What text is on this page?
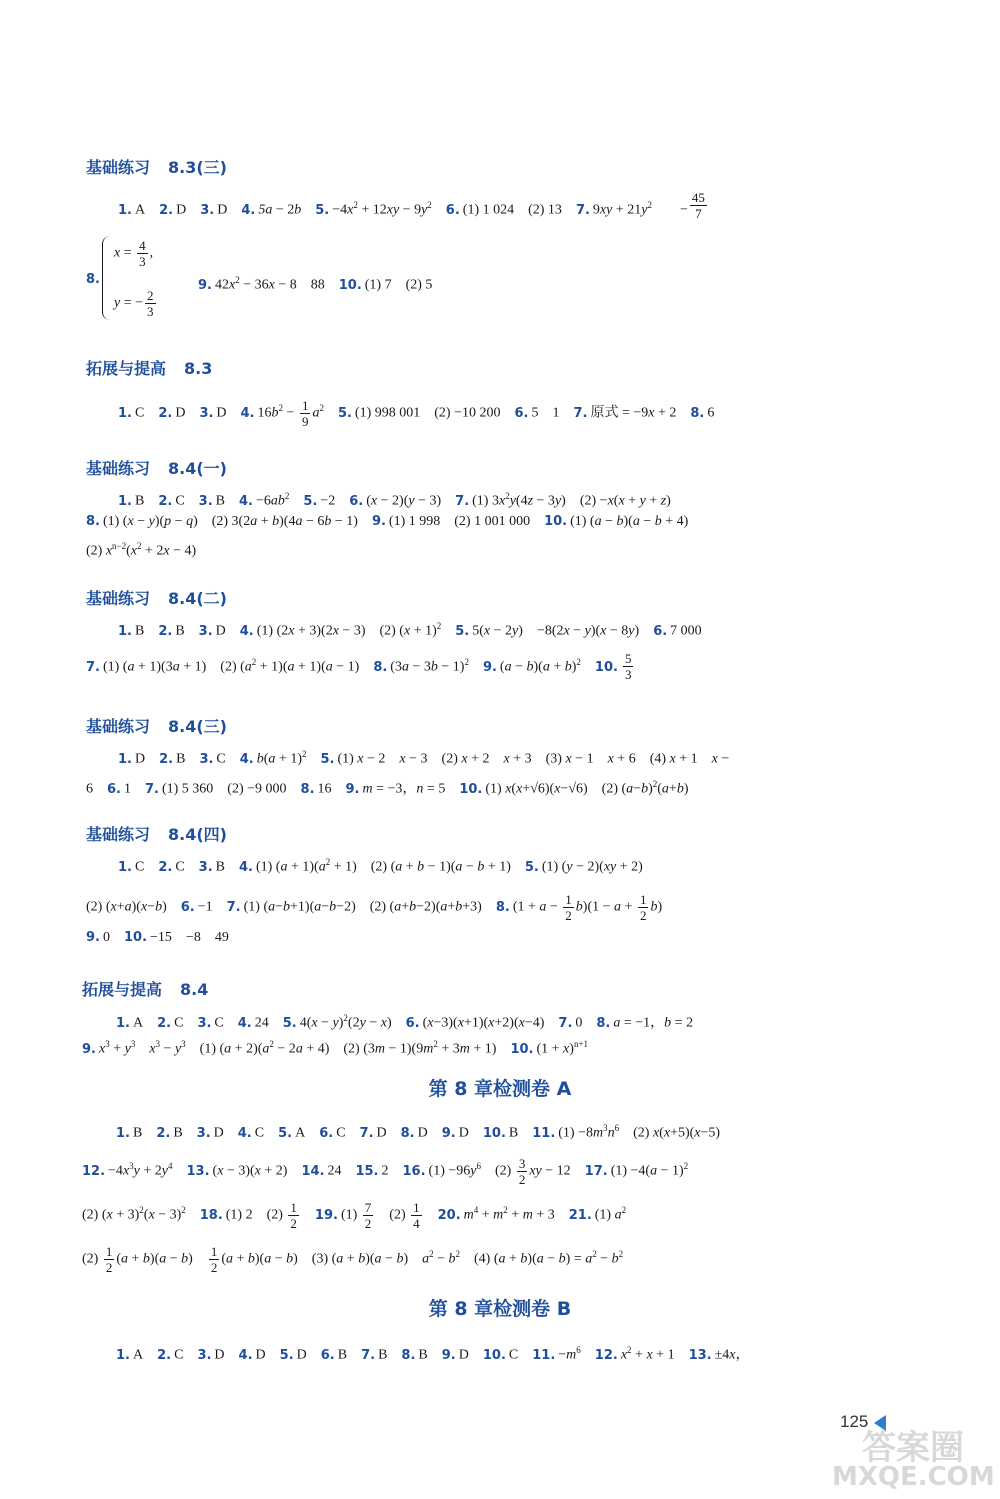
基础练习 8.3(三)
1. A 2. D 3. D 4. 5a − 2b 5. $-4x^2 + 12xy - 9y^2$ 6. (1) 1 024 (2) 13 7. $9xy + 21y^2 - \frac{45}{7}$
8.
$x = \frac{4}{3}$ ,
y = − $\frac{2}{3}$
9. $42x^2 - 36x - 8$ 88 10. (1) 7 (2) 5
拓展与提高 8.3
1. C 2. D 3. D 4. $16b^2 - \frac{1}{9} a^2$ 5. (1) 998 001 (2) −10 200 6. 5 1 7. 原式 = −9x + 2 8. 6
基础练习 8.4(一)
1. B 2. C 3. B 4. $-6ab^2$ 5. −2 6. (x − 2)(y − 3) 7. (1) $3x^2y(4z - 3y)$ (2) −x(x + y + z)
8. (1) (x − y)(p − q) (2) 3(2a + b)(4a − 6b − 1) 9. (1) 1 998 (2) 1 001 000 10. (1) (a − b)(a − b + 4)
(2) $x^{n-2}(x^2 + 2x - 4)$
基础练习 8.4(二)
1. B 2. B 3. D 4. (1) (2x + 3)(2x − 3) (2) $(x + 1)^2$ 5. 5(x − 2y) −8(2x − y)(x − 8y) 6. 7 000
7. (1) (a + 1)(3a + 1) (2) $(a^2 + 1)(a + 1)(a - 1)$ 8. $(3a - 3b - 1)^2$ 9. $(a - b)(a + b)^2$ 10. $\frac{5}{3}$
基础练习 8.4(三)
1. D 2. B 3. C 4. $b(a + 1)^2$ 5. (1) x − 2 x − 3 (2) x + 2 x + 3 (3) x − 1 x + 6 (4) x + 1 x −
6 6. 1 7. (1) 5 360 (2) −9 000 8. 16 9. m = −3，n = 5 10. (1) x(x+√6)(x−√6) (2) $(a-b)^2(a+b)$
基础练习 8.4(四)
1. C 2. C 3. B 4. (1) $(a + 1)(a^2 + 1)$ (2) (a + b − 1)(a − b + 1) 5. (1) (y − 2)(xy + 2)
(2) (x+a)(x−b) 6. −1 7. (1) (a−b+1)(a−b−2) (2) (a+b−2)(a+b+3) 8. $(1 + a - \frac{1}{2} b)(1 - a + \frac{1}{2} b)$
9. 0 10. −15 −8 49
拓展与提高 8.4
1. A 2. C 3. C 4. 24 5. $4(x - y)^2(2y - x)$ 6. (x−3)(x+1)(x+2)(x−4) 7. 0 8. a = −1，b = 2
9. $x^3 + y^3$ $x^3 - y^3$ (1) $(a + 2)(a^2 - 2a + 4)$ (2) $(3m - 1)(9m^2 + 3m + 1)$ 10. $(1 + x)^{n+1}$
第 8 章检测卷 A
1. B 2. B 3. D 4. C 5. A 6. C 7. D 8. D 9. D 10. B 11. $(1) -8m^3n^6$ (2) x(x+5)(x−5)
12. $-4x^3y + 2y^4$ 13. (x − 3)(x + 2) 14. 24 15. 2 16. $(1) -96y^6$ $(2) \frac{3}{2}$ xy − 12 17. $(1) -4(a - 1)^2$
(2) $(x + 3)^2(x - 3)^2$ 18. (1) 2 $(2) \frac{1}{2} 19$. $(1) \frac{7}{2} (2) \frac{1}{4} 20$. $m^4 + m^2 + m + 3$ 21. (1) $a^2$
$(2) \frac{1}{2} (a + b)(a - b) \frac{1}{2} (a + b)(a - b)$ (3) (a + b)(a − b) $a^2 - b^2$ (4) $(a + b)(a - b) = a^2 - b^2$
第 8 章检测卷 B
1. A 2. C 3. D 4. D 5. D 6. B 7. B 8. B 9. D 10. C 11. $-m^6$ 12. $x^2 + x + 1$ 13. ±4x，
125
答案圈
MXQE.COM
